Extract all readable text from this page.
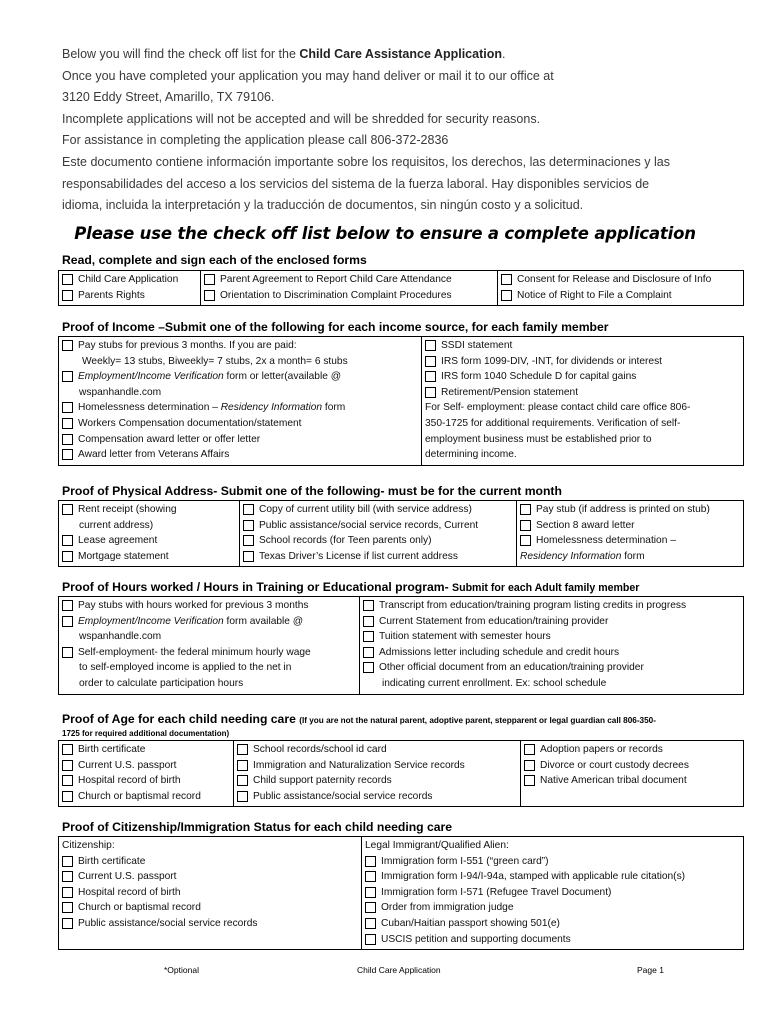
Below you will find the check off list for the Child Care Assistance Application.
Once you have completed your application you may hand deliver or mail it to our office at
3120 Eddy Street, Amarillo, TX 79106.
Incomplete applications will not be accepted and will be shredded for security reasons.
For assistance in completing the application please call 806-372-2836
Este documento contiene información importante sobre los requisitos, los derechos, las determinaciones y las
responsabilidades del acceso a los servicios del sistema de la fuerza laboral. Hay disponibles servicios de
idioma, incluida la interpretación y la traducción de documentos, sin ningún costo y a solicitud.
Please use the check off list below to ensure a complete application
Read, complete and sign each of the enclosed forms
Child Care Application
Parents Rights

Parent Agreement to Report Child Care Attendance
Orientation to Discrimination Complaint Procedures

Consent for Release and Disclosure of Info
Notice of Right to File a Complaint
Proof of Income –Submit one of the following for each income source, for each family member
Pay stubs for previous 3 months. If you are paid:
Weekly= 13 stubs, Biweekly= 7 stubs, 2x a month= 6 stubs
Employment/Income Verification form or letter(available @
wspanhandle.com
Homelessness determination – Residency Information form
Workers Compensation documentation/statement
Compensation award letter or offer letter
Award letter from Veterans Affairs

SSDI statement
IRS form 1099-DIV, -INT, for dividends or interest
IRS form 1040 Schedule D for capital gains
Retirement/Pension statement
For Self- employment: please contact child care office 806-
350-1725 for additional requirements. Verification of self-
employment business must be established prior to
determining income.
Proof of Physical Address- Submit one of the following- must be for the current month
Rent receipt (showing
current address)
Lease agreement
Mortgage statement

Copy of current utility bill (with service address)
Public assistance/social service records, Current
School records (for Teen parents only)
Texas Driver’s License if list current address

Pay stub (if address is printed on stub)
Section 8 award letter
Homelessness determination –
Residency Information form
Proof of Hours worked / Hours in Training or Educational program- Submit for each Adult family member
Pay stubs with hours worked for previous 3 months
Employment/Income Verification form available @
wspanhandle.com
Self-employment- the federal minimum hourly wage
to self-employed income is applied to the net in
order to calculate participation hours

Transcript from education/training program listing credits in progress
Current Statement from education/training provider
Tuition statement with semester hours
Admissions letter including schedule and credit hours
Other official document from an education/training provider
indicating current enrollment. Ex: school schedule
Proof of Age for each child needing care (If you are not the natural parent, adoptive parent, stepparent or legal guardian call 806-350-
1725 for required additional documentation)
Birth certificate
Current U.S. passport
Hospital record of birth
Church or baptismal record

School records/school id card
Immigration and Naturalization Service records
Child support paternity records
Public assistance/social service records

Adoption papers or records
Divorce or court custody decrees
Native American tribal document
Proof of Citizenship/Immigration Status for each child needing care
Citizenship:
Birth certificate
Current U.S. passport
Hospital record of birth
Church or baptismal record
Public assistance/social service records

Legal Immigrant/Qualified Alien:
Immigration form I-551 (“green card”)
Immigration form I-94/I-94a, stamped with applicable rule citation(s)
Immigration form I-571 (Refugee Travel Document)
Order from immigration judge
Cuban/Haitian passport showing 501(e)
USCIS petition and supporting documents
*Optional	Child Care Application	Page 1
